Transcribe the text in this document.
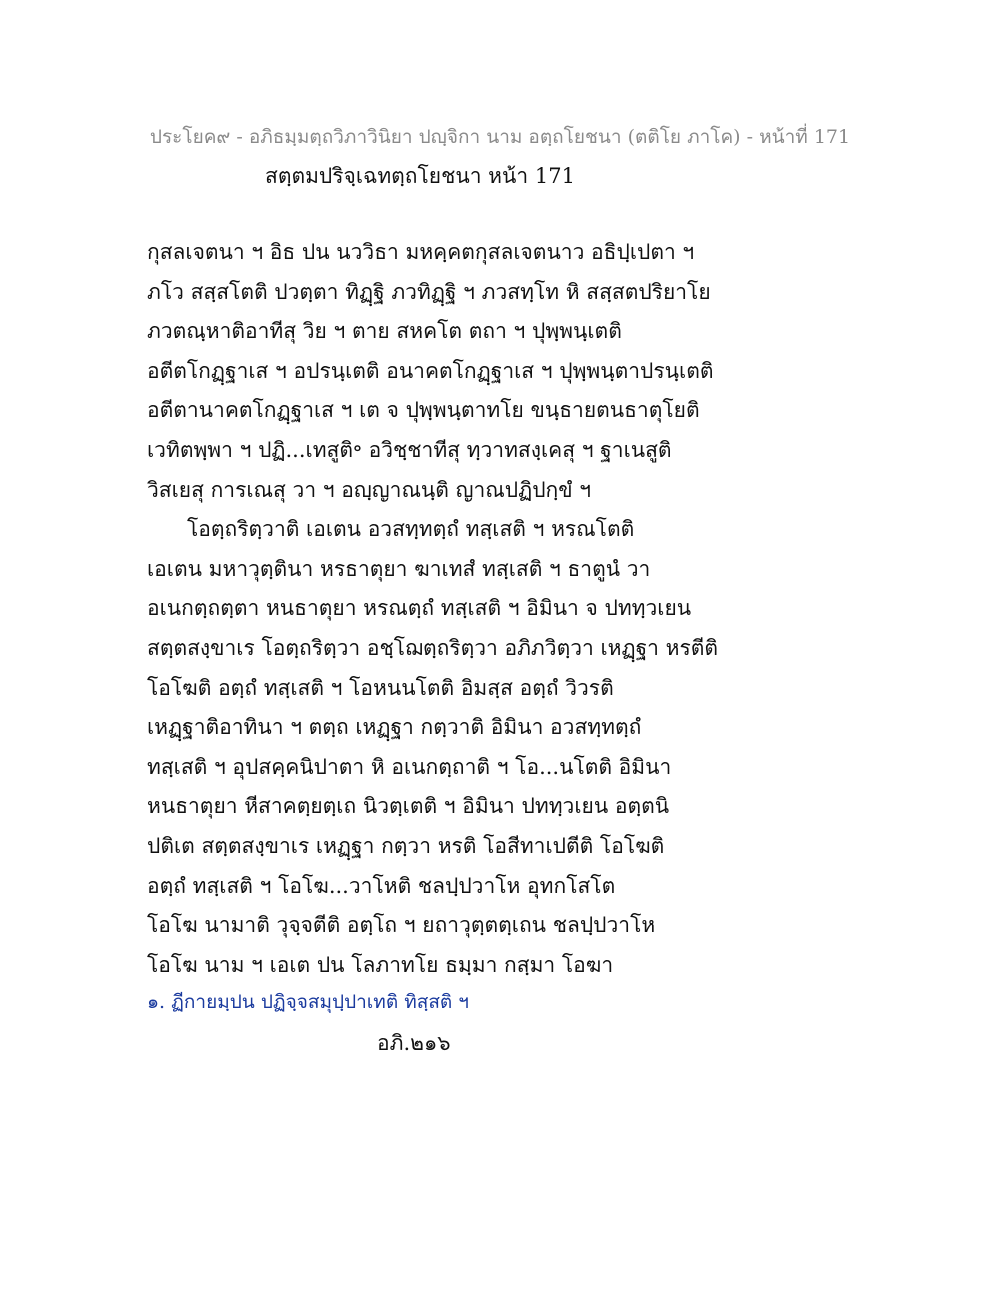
ประโยค๙ - อภิธมฺมตฺถวิภาวินิยา ปญฺจิกา นาม อตฺถโยชนา (ตติโย ภาโค) - หน้าที่ 171
สตฺตมปริจฺเฉทตฺถโยชนา หน้า 171
กุสลเจตนา ฯ อิธ ปน นววิธา มหคฺคตกุสลเจตนาว อธิปฺเปตา ฯ
ภโว สสฺสโตติ ปวตฺตา ทิฏฺฐิ ภวทิฏฺฐิ ฯ ภวสทฺโท หิ สสฺสตปริยาโย
ภวตณฺหาติอาทีสุ วิย ฯ ตาย สหคโต ตถา ฯ ปุพฺพนฺเตติ
อตีตโกฏฺฐาเส ฯ อปรนฺเตติ อนาคตโกฏฺฐาเส ฯ ปุพฺพนฺตาปรนฺเตติ
อตีตานาคตโกฏฺฐาเส ฯ เต จ ปุพฺพนฺตาทโย ขนฺธายตนธาตุโยติ
เวทิตพฺพา ฯ ปฏิ...เทสูติ॰ อวิชฺชาทีสุ ทฺวาทสงฺเคสุ ฯ ฐาเนสูติ
วิสเยสุ การเณสุ วา ฯ อญฺญาณนฺติ ญาณปฏิปกฺขํ ฯ
โอตฺถริตฺวาติ เอเตน อวสทฺทตฺถํ ทสฺเสติ ฯ หรณโตติ
เอเตน มหาวุตฺตินา หรธาตุยา ฆาเทสํ ทสฺเสติ ฯ ธาตูนํ วา
อเนกตฺถตฺตา หนธาตุยา หรณตฺถํ ทสฺเสติ ฯ อิมินา จ ปททฺวเยน
สตฺตสงฺขาเร โอตฺถริตฺวา อชฺโฌตฺถริตฺวา อภิภวิตฺวา เหฏฺฐา หรตีติ
โอโฆติ อตฺถํ ทสฺเสติ ฯ โอหนนโตติ อิมสฺส อตฺถํ วิวรติ
เหฏฺฐาติอาทินา ฯ ตตฺถ เหฏฺฐา กตฺวาติ อิมินา อวสทฺทตฺถํ
ทสฺเสติ ฯ อุปสคฺคนิปาตา หิ อเนกตฺถาติ ฯ โอ...นโตติ อิมินา
หนธาตุยา หีสาคตฺยตฺเถ นิวตฺเตติ ฯ อิมินา ปททฺวเยน อตฺตนิ
ปติเต สตฺตสงฺขาเร เหฏฺฐา กตฺวา หรติ โอสีทาเปตีติ โอโฆติ
อตฺถํ ทสฺเสติ ฯ โอโฆ...วาโหติ ชลปฺปวาโห อุทกโสโต
โอโฆ นามาติ วุจฺจตีติ อตฺโถ ฯ ยถาวุตฺตตฺเถน ชลปฺปวาโห
โอโฆ นาม ฯ เอเต ปน โลภาทโย ธมฺมา กสฺมา โอฆา
๑. ฏีกายมฺปน ปฏิจฺจสมุปฺปาเทติ ทิสฺสติ ฯ
อภิ.๒๑๖
